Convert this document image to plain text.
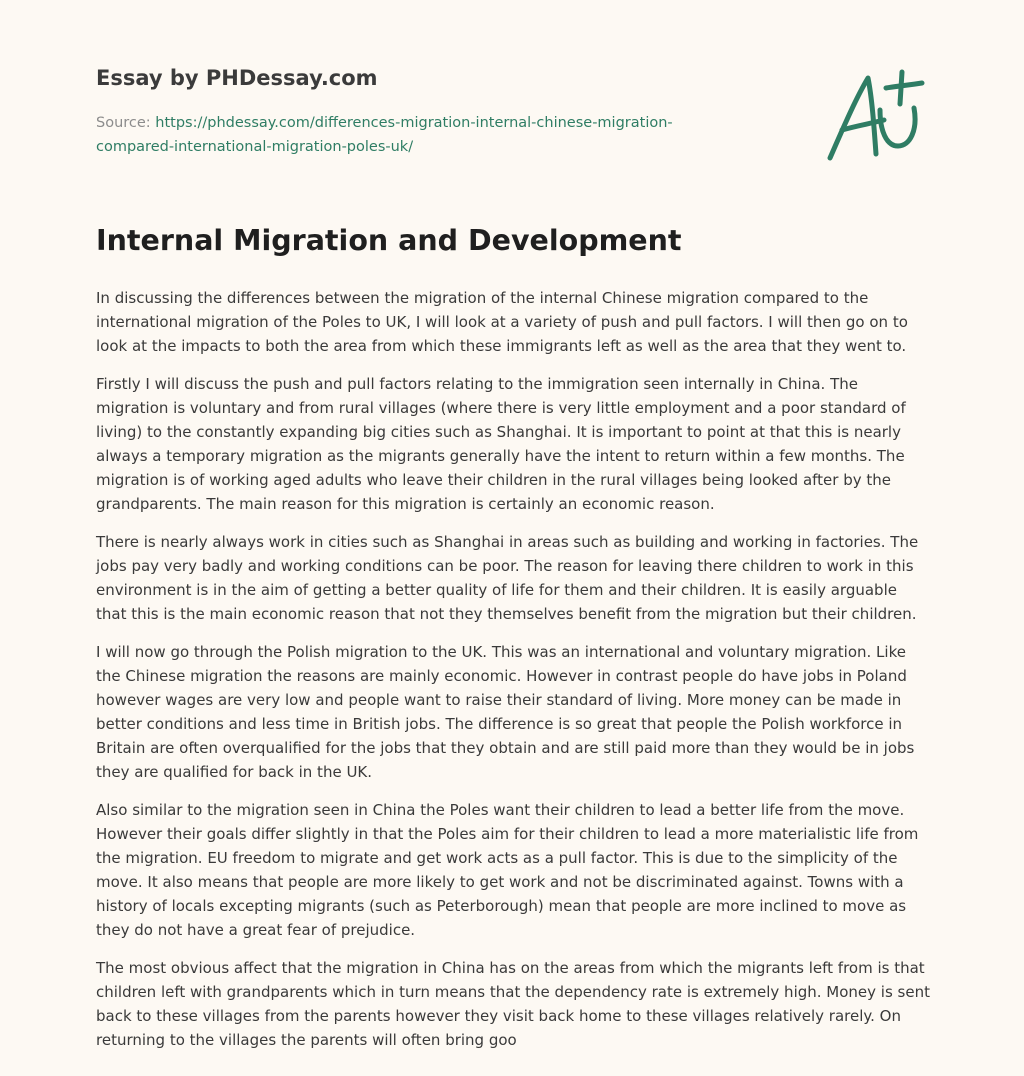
Essay by PHDessay.com
Source: https://phdessay.com/differences-migration-internal-chinese-migration-
compared-international-migration-poles-uk/
Internal Migration and Development

In discussing the differences between the migration of the internal Chinese migration compared to the international migration of the Poles to UK, I will look at a variety of push and pull factors. I will then go on to look at the impacts to both the area from which these immigrants left as well as the area that they went to.

Firstly I will discuss the push and pull factors relating to the immigration seen internally in China. The migration is voluntary and from rural villages (where there is very little employment and a poor standard of living) to the constantly expanding big cities such as Shanghai. It is important to point at that this is nearly always a temporary migration as the migrants generally have the intent to return within a few months. The migration is of working aged adults who leave their children in the rural villages being looked after by the grandparents. The main reason for this migration is certainly an economic reason.

There is nearly always work in cities such as Shanghai in areas such as building and working in factories. The jobs pay very badly and working conditions can be poor. The reason for leaving there children to work in this environment is in the aim of getting a better quality of life for them and their children. It is easily arguable that this is the main economic reason that not they themselves benefit from the migration but their children.

I will now go through the Polish migration to the UK. This was an international and voluntary migration. Like the Chinese migration the reasons are mainly economic. However in contrast people do have jobs in Poland however wages are very low and people want to raise their standard of living. More money can be made in better conditions and less time in British jobs. The difference is so great that people the Polish workforce in Britain are often overqualified for the jobs that they obtain and are still paid more than they would be in jobs they are qualified for back in the UK.

Also similar to the migration seen in China the Poles want their children to lead a better life from the move. However their goals differ slightly in that the Poles aim for their children to lead a more materialistic life from the migration. EU freedom to migrate and get work acts as a pull factor. This is due to the simplicity of the move. It also means that people are more likely to get work and not be discriminated against. Towns with a history of locals excepting migrants (such as Peterborough) mean that people are more inclined to move as they do not have a great fear of prejudice.

The most obvious affect that the migration in China has on the areas from which the migrants left from is that children left with grandparents which in turn means that the dependency rate is extremely high. Money is sent back to these villages from the parents however they visit back home to these villages relatively rarely. On returning to the villages the parents will often bring goo
